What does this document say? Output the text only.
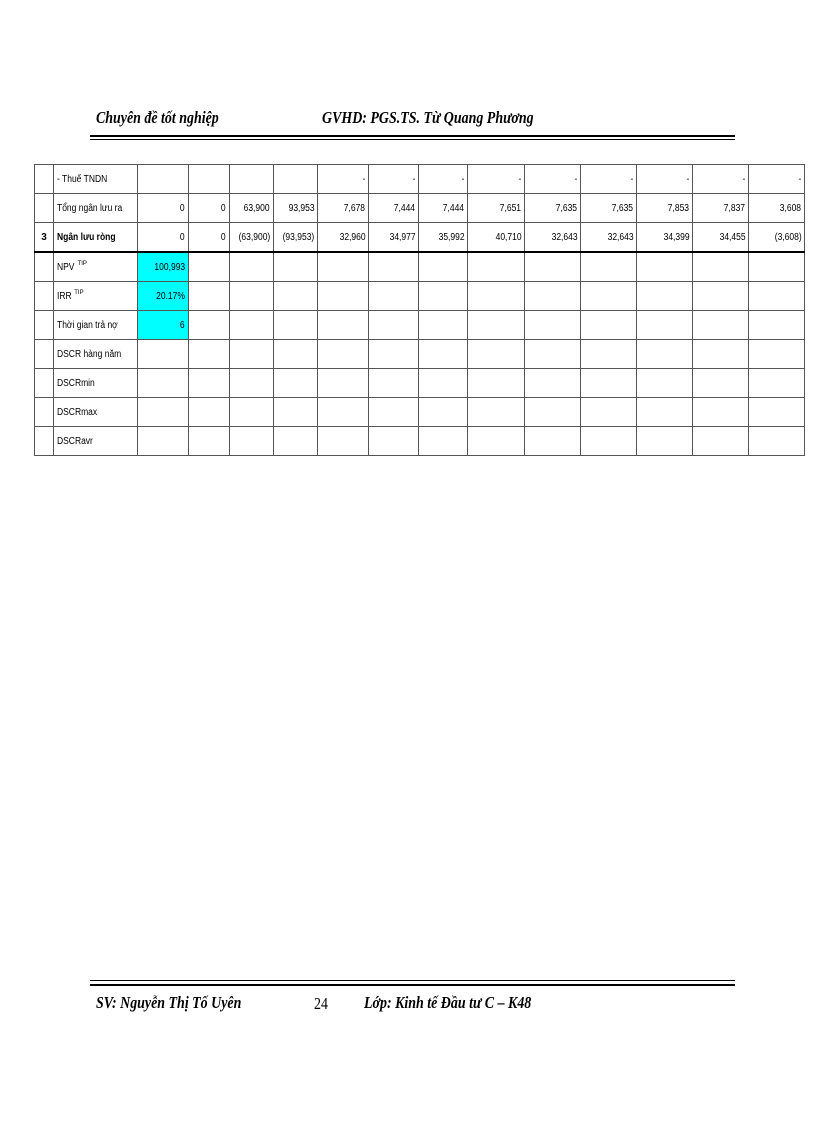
Chuyên đề tốt nghiệp	GVHD: PGS.TS. Từ Quang Phương
	- Thuế TNDN					-	-	-	-	-	-	-	-	-
	Tổng ngân lưu ra	0	0	63,900	93,953	7,678	7,444	7,444	7,651	7,635	7,635	7,853	7,837	3,608
3	Ngân lưu ròng	0	0	(63,900)	(93,953)	32,960	34,977	35,992	40,710	32,643	32,643	34,399	34,455	(3,608)
	NPV $^{TIP}$	100,993												
	IRR $^{TIP}$	20.17%												
	Thời gian trả nợ	6												
	DSCR hàng năm													
	DSCRmin													
	DSCRmax													
	DSCRavr													
SV: Nguyễn Thị Tố Uyên	24 Lớp: Kinh tế Đầu tư C – K48
